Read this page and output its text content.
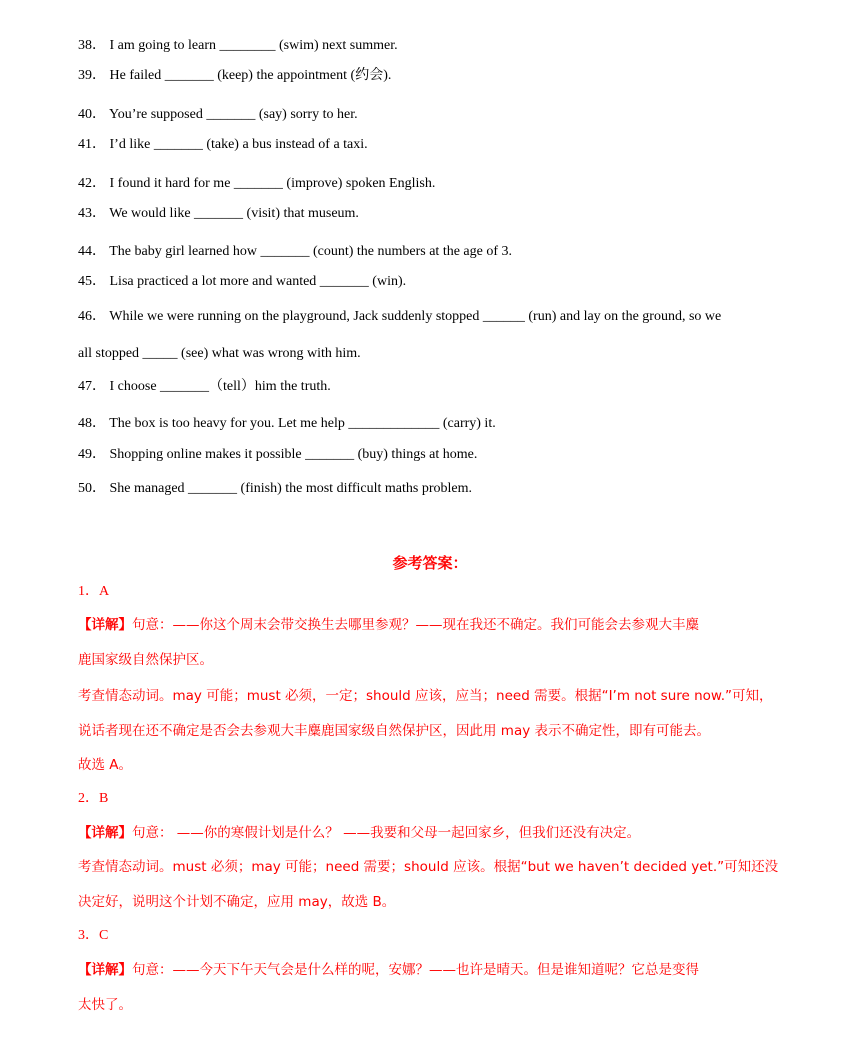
38． I am going to learn ________ (swim) next summer.
39． He failed _______ (keep) the appointment (约会).
40． You’re supposed _______ (say) sorry to her.
41． I’d like _______ (take) a bus instead of a taxi.
42． I found it hard for me _______ (improve) spoken English.
43． We would like _______ (visit) that museum.
44． The baby girl learned how _______ (count) the numbers at the age of 3.
45． Lisa practiced a lot more and wanted _______ (win).
46． While we were running on the playground, Jack suddenly stopped ______ (run) and lay on the ground, so we
all stopped _____ (see) what was wrong with him.
47． I choose _______（tell）him the truth.
48． The box is too heavy for you. Let me help _____________ (carry) it.
49． Shopping online makes it possible _______ (buy) things at home.
50． She managed _______ (finish) the most difficult maths problem.
参考答案：
1．A
【详解】句意：——你这个周末会带交换生去哪里参观？——现在我还不确定。我们可能会去参观大丰麋
鹿国家级自然保护区。
考查情态动词。may 可能；must 必须，一定；should 应该，应当；need 需要。根据“I’m not sure now.”可知，
说话者现在还不确定是否会去参观大丰麋鹿国家级自然保护区，因此用 may 表示不确定性，即有可能去。
故选 A。
2．B
【详解】句意： ——你的寒假计划是什么？ ——我要和父母一起回家乡，但我们还没有决定。
考查情态动词。must 必须；may 可能；need 需要；should 应该。根据“but we haven’t decided yet.”可知还没
决定好，说明这个计划不确定，应用 may，故选 B。
3．C
【详解】句意：——今天下午天气会是什么样的呢，安娜？——也许是晴天。但是谁知道呢？它总是变得
太快了。
